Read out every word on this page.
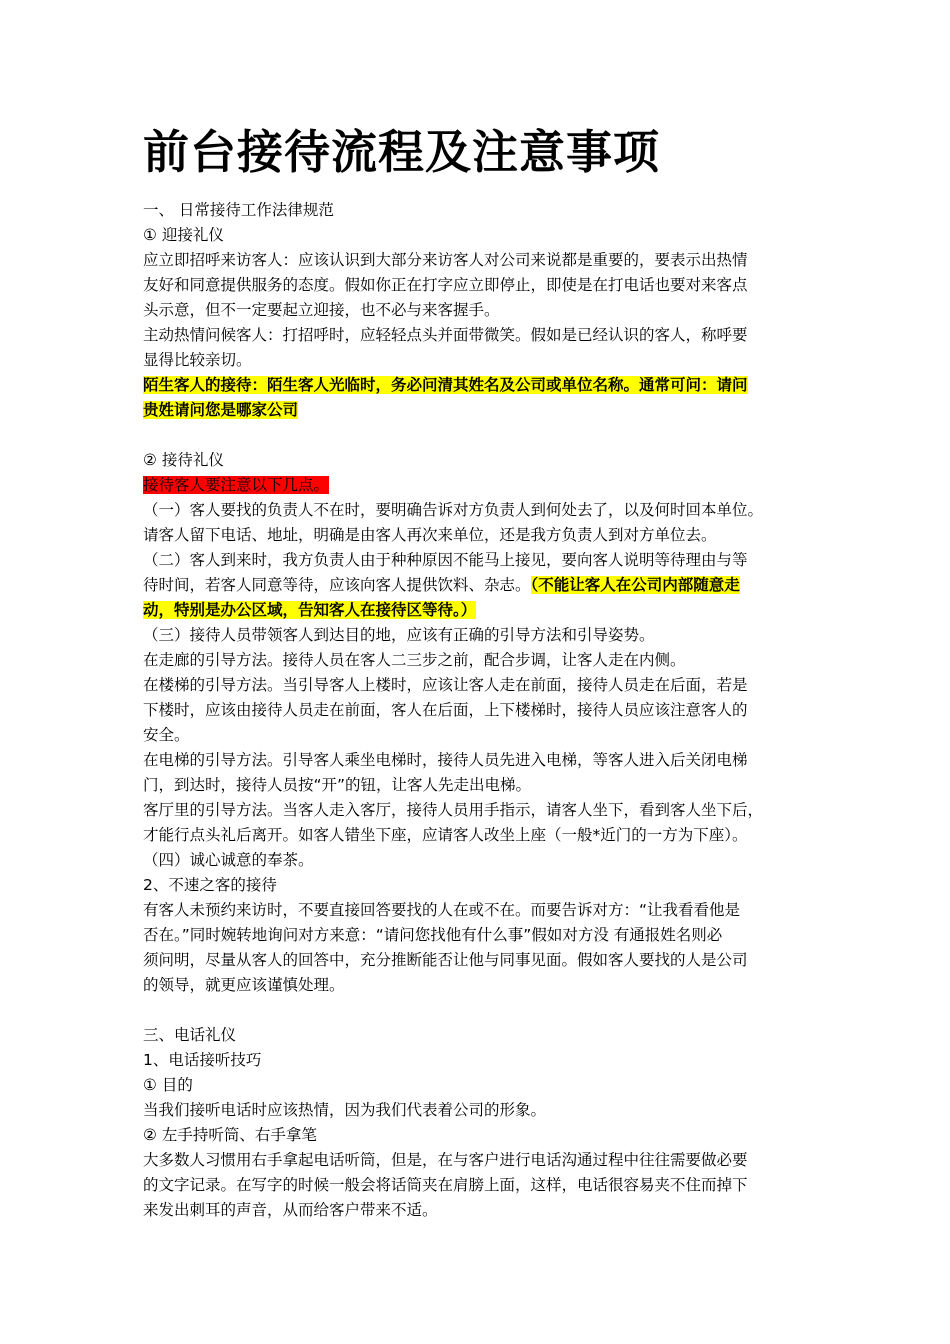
前台接待流程及注意事项
一、 日常接待工作法律规范
① 迎接礼仪
应立即招呼来访客人：应该认识到大部分来访客人对公司来说都是重要的，要表示出热情
友好和同意提供服务的态度。假如你正在打字应立即停止，即使是在打电话也要对来客点
头示意，但不一定要起立迎接，也不必与来客握手。
主动热情问候客人：打招呼时，应轻轻点头并面带微笑。假如是已经认识的客人，称呼要
显得比较亲切。
陌生客人的接待：陌生客人光临时，务必问清其姓名及公司或单位名称。通常可问：请问
贵姓请问您是哪家公司
② 接待礼仪
接待客人要注意以下几点。
（一）客人要找的负责人不在时，要明确告诉对方负责人到何处去了，以及何时回本单位。
请客人留下电话、地址，明确是由客人再次来单位，还是我方负责人到对方单位去。
（二）客人到来时，我方负责人由于种种原因不能马上接见，要向客人说明等待理由与等
待时间，若客人同意等待，应该向客人提供饮料、杂志。（不能让客人在公司内部随意走
动，特别是办公区域，告知客人在接待区等待。）
（三）接待人员带领客人到达目的地，应该有正确的引导方法和引导姿势。
在走廊的引导方法。接待人员在客人二三步之前，配合步调，让客人走在内侧。
在楼梯的引导方法。当引导客人上楼时，应该让客人走在前面，接待人员走在后面，若是
下楼时，应该由接待人员走在前面，客人在后面，上下楼梯时，接待人员应该注意客人的
安全。
在电梯的引导方法。引导客人乘坐电梯时，接待人员先进入电梯，等客人进入后关闭电梯
门，到达时，接待人员按“开”的钮，让客人先走出电梯。
客厅里的引导方法。当客人走入客厅，接待人员用手指示，请客人坐下，看到客人坐下后，
才能行点头礼后离开。如客人错坐下座，应请客人改坐上座（一般*近门的一方为下座）。
（四）诚心诚意的奉茶。
2、不速之客的接待
有客人未预约来访时，不要直接回答要找的人在或不在。而要告诉对方：“让我看看他是
否在。”同时婉转地询问对方来意：“请问您找他有什么事”假如对方没 有通报姓名则必
须问明，尽量从客人的回答中，充分推断能否让他与同事见面。假如客人要找的人是公司
的领导，就更应该谨慎处理。
三、电话礼仪
1、电话接听技巧
① 目的
当我们接听电话时应该热情，因为我们代表着公司的形象。
② 左手持听筒、右手拿笔
大多数人习惯用右手拿起电话听筒，但是，在与客户进行电话沟通过程中往往需要做必要
的文字记录。在写字的时候一般会将话筒夹在肩膀上面，这样，电话很容易夹不住而掉下
来发出刺耳的声音，从而给客户带来不适。
